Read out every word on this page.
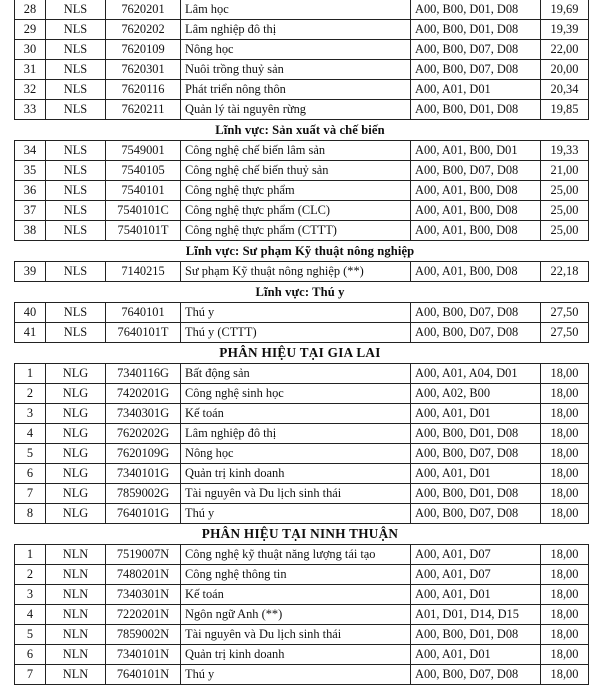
28	NLS	7620201	Lâm học	A00, B00, D01, D08	19,69
29	NLS	7620202	Lâm nghiệp đô thị	A00, B00, D01, D08	19,39
30	NLS	7620109	Nông học	A00, B00, D07, D08	22,00
31	NLS	7620301	Nuôi trồng thuỷ sản	A00, B00, D07, D08	20,00
32	NLS	7620116	Phát triển nông thôn	A00, A01, D01	20,34
33	NLS	7620211	Quản lý tài nguyên rừng	A00, B00, D01, D08	19,85
Lĩnh vực: Sản xuất và chế biến
34	NLS	7549001	Công nghệ chế biến lâm sản	A00, A01, B00, D01	19,33
35	NLS	7540105	Công nghệ chế biến thuỷ sản	A00, B00, D07, D08	21,00
36	NLS	7540101	Công nghệ thực phẩm	A00, A01, B00, D08	25,00
37	NLS	7540101C	Công nghệ thực phẩm (CLC)	A00, A01, B00, D08	25,00
38	NLS	7540101T	Công nghệ thực phẩm (CTTT)	A00, A01, B00, D08	25,00
Lĩnh vực: Sư phạm Kỹ thuật nông nghiệp
39	NLS	7140215	Sư phạm Kỹ thuật nông nghiệp (**)	A00, A01, B00, D08	22,18
Lĩnh vực: Thú y
40	NLS	7640101	Thú y	A00, B00, D07, D08	27,50
41	NLS	7640101T	Thú y (CTTT)	A00, B00, D07, D08	27,50
PHÂN HIỆU TẠI GIA LAI
1	NLG	7340116G	Bất động sản	A00, A01, A04, D01	18,00
2	NLG	7420201G	Công nghệ sinh học	A00, A02, B00	18,00
3	NLG	7340301G	Kế toán	A00, A01, D01	18,00
4	NLG	7620202G	Lâm nghiệp đô thị	A00, B00, D01, D08	18,00
5	NLG	7620109G	Nông học	A00, B00, D07, D08	18,00
6	NLG	7340101G	Quản trị kinh doanh	A00, A01, D01	18,00
7	NLG	7859002G	Tài nguyên và Du lịch sinh thái	A00, B00, D01, D08	18,00
8	NLG	7640101G	Thú y	A00, B00, D07, D08	18,00
PHÂN HIỆU TẠI NINH THUẬN
1	NLN	7519007N	Công nghệ kỹ thuật năng lượng tái tạo	A00, A01, D07	18,00
2	NLN	7480201N	Công nghệ thông tin	A00, A01, D07	18,00
3	NLN	7340301N	Kế toán	A00, A01, D01	18,00
4	NLN	7220201N	Ngôn ngữ Anh (**)	A01, D01, D14, D15	18,00
5	NLN	7859002N	Tài nguyên và Du lịch sinh thái	A00, B00, D01, D08	18,00
6	NLN	7340101N	Quản trị kinh doanh	A00, A01, D01	18,00
7	NLN	7640101N	Thú y	A00, B00, D07, D08	18,00
